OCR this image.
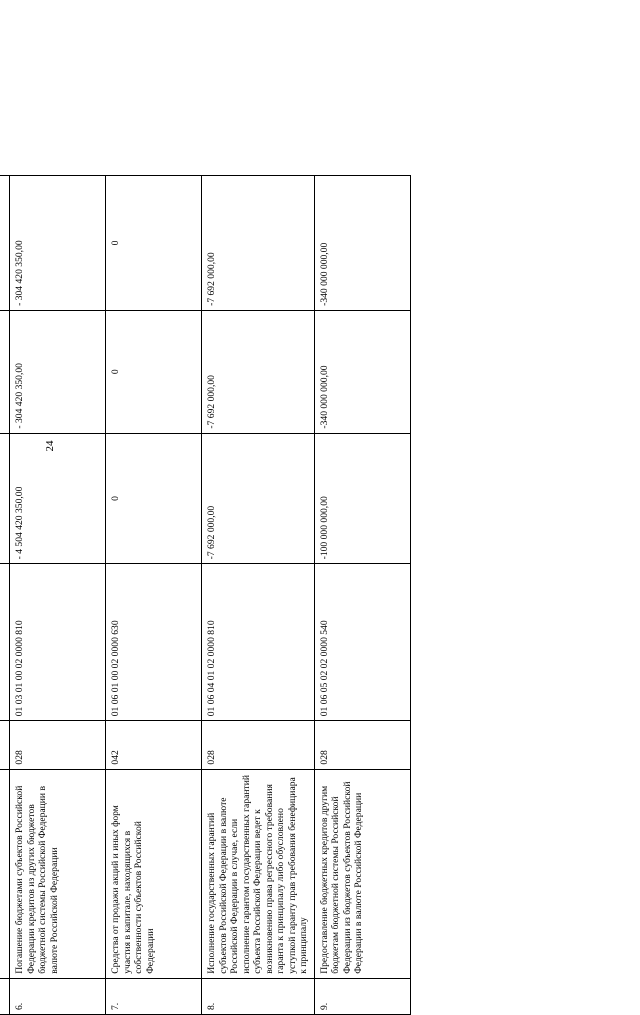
24

6.	Погашение бюджетами субъектов Российской Федерации кредитов из других бюджетов бюджетной системы Российской Федерации в валюте Российской Федерации	028	01 03 01 00 02 0000 810	- 4 504 420 350,00	- 304 420 350,00	- 304 420 350,00
7.	Средства от продажи акций и иных форм участия в капитале, находящихся в собственности субъектов Российской Федерации	042	01 06 01 00 02 0000 630	0	0	0
8.	Исполнение государственных гарантий субъектов Российской Федерации в валюте Российской Федерации в случае, если исполнение гарантом государственных гарантий субъекта Российской Федерации ведет к возникновению права регрессного требования гаранта к принципалу либо обусловлено уступкой гаранту прав требования бенефициара к принципалу	028	01 06 04 01 02 0000 810	-7 692 000,00	-7 692 000,00	-7 692 000,00
9.	Предоставление бюджетных кредитов другим бюджетам бюджетной системы Российской Федерации из бюджетов субъектов Российской Федерации в валюте Российской Федерации	028	01 06 05 02 02 0000 540	-100 000 000,00	-340 000 000,00	-340 000 000,00
